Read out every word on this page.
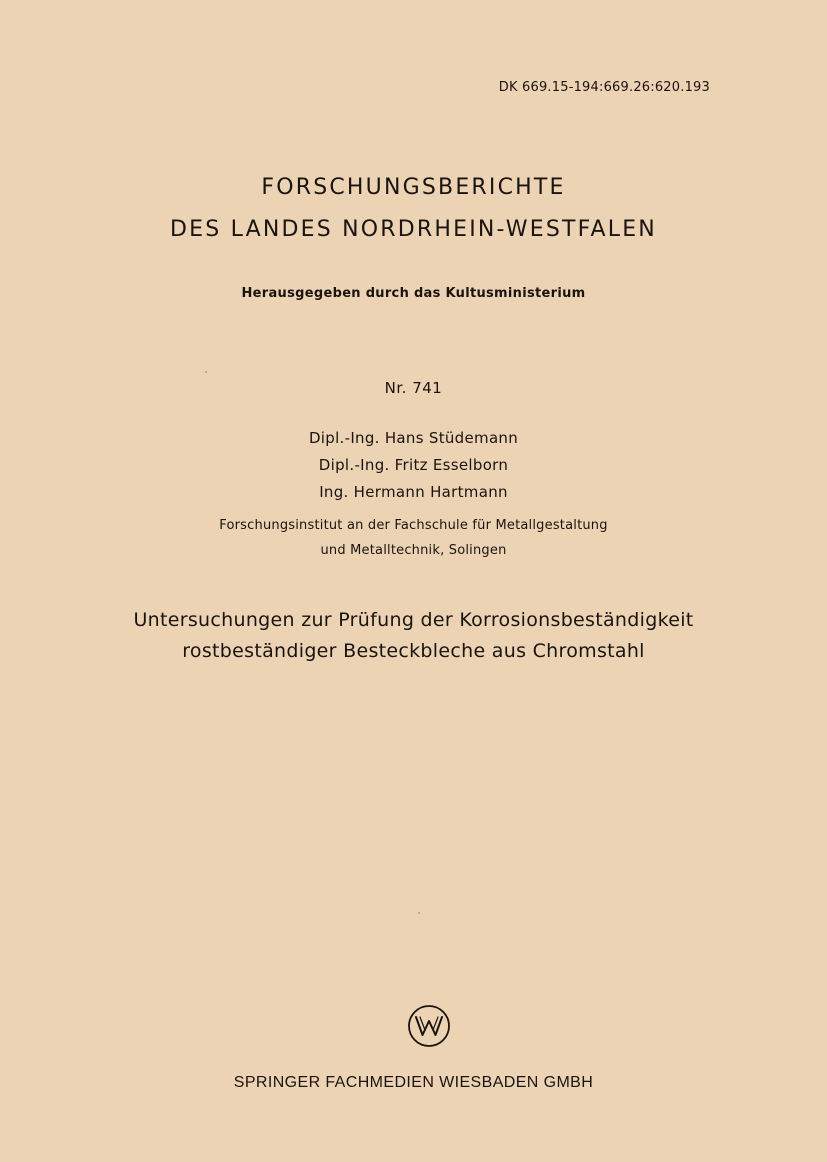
DK 669.15-194:669.26:620.193
FORSCHUNGSBERICHTE
DES LANDES NORDRHEIN-WESTFALEN
Herausgegeben durch das Kultusministerium
Nr. 741
Dipl.-Ing. Hans Stüdemann
Dipl.-Ing. Fritz Esselborn
Ing. Hermann Hartmann
Forschungsinstitut an der Fachschule für Metallgestaltung
und Metalltechnik, Solingen
Untersuchungen zur Prüfung der Korrosionsbeständigkeit
rostbeständiger Besteckbleche aus Chromstahl
SPRINGER FACHMEDIEN WIESBADEN GMBH
